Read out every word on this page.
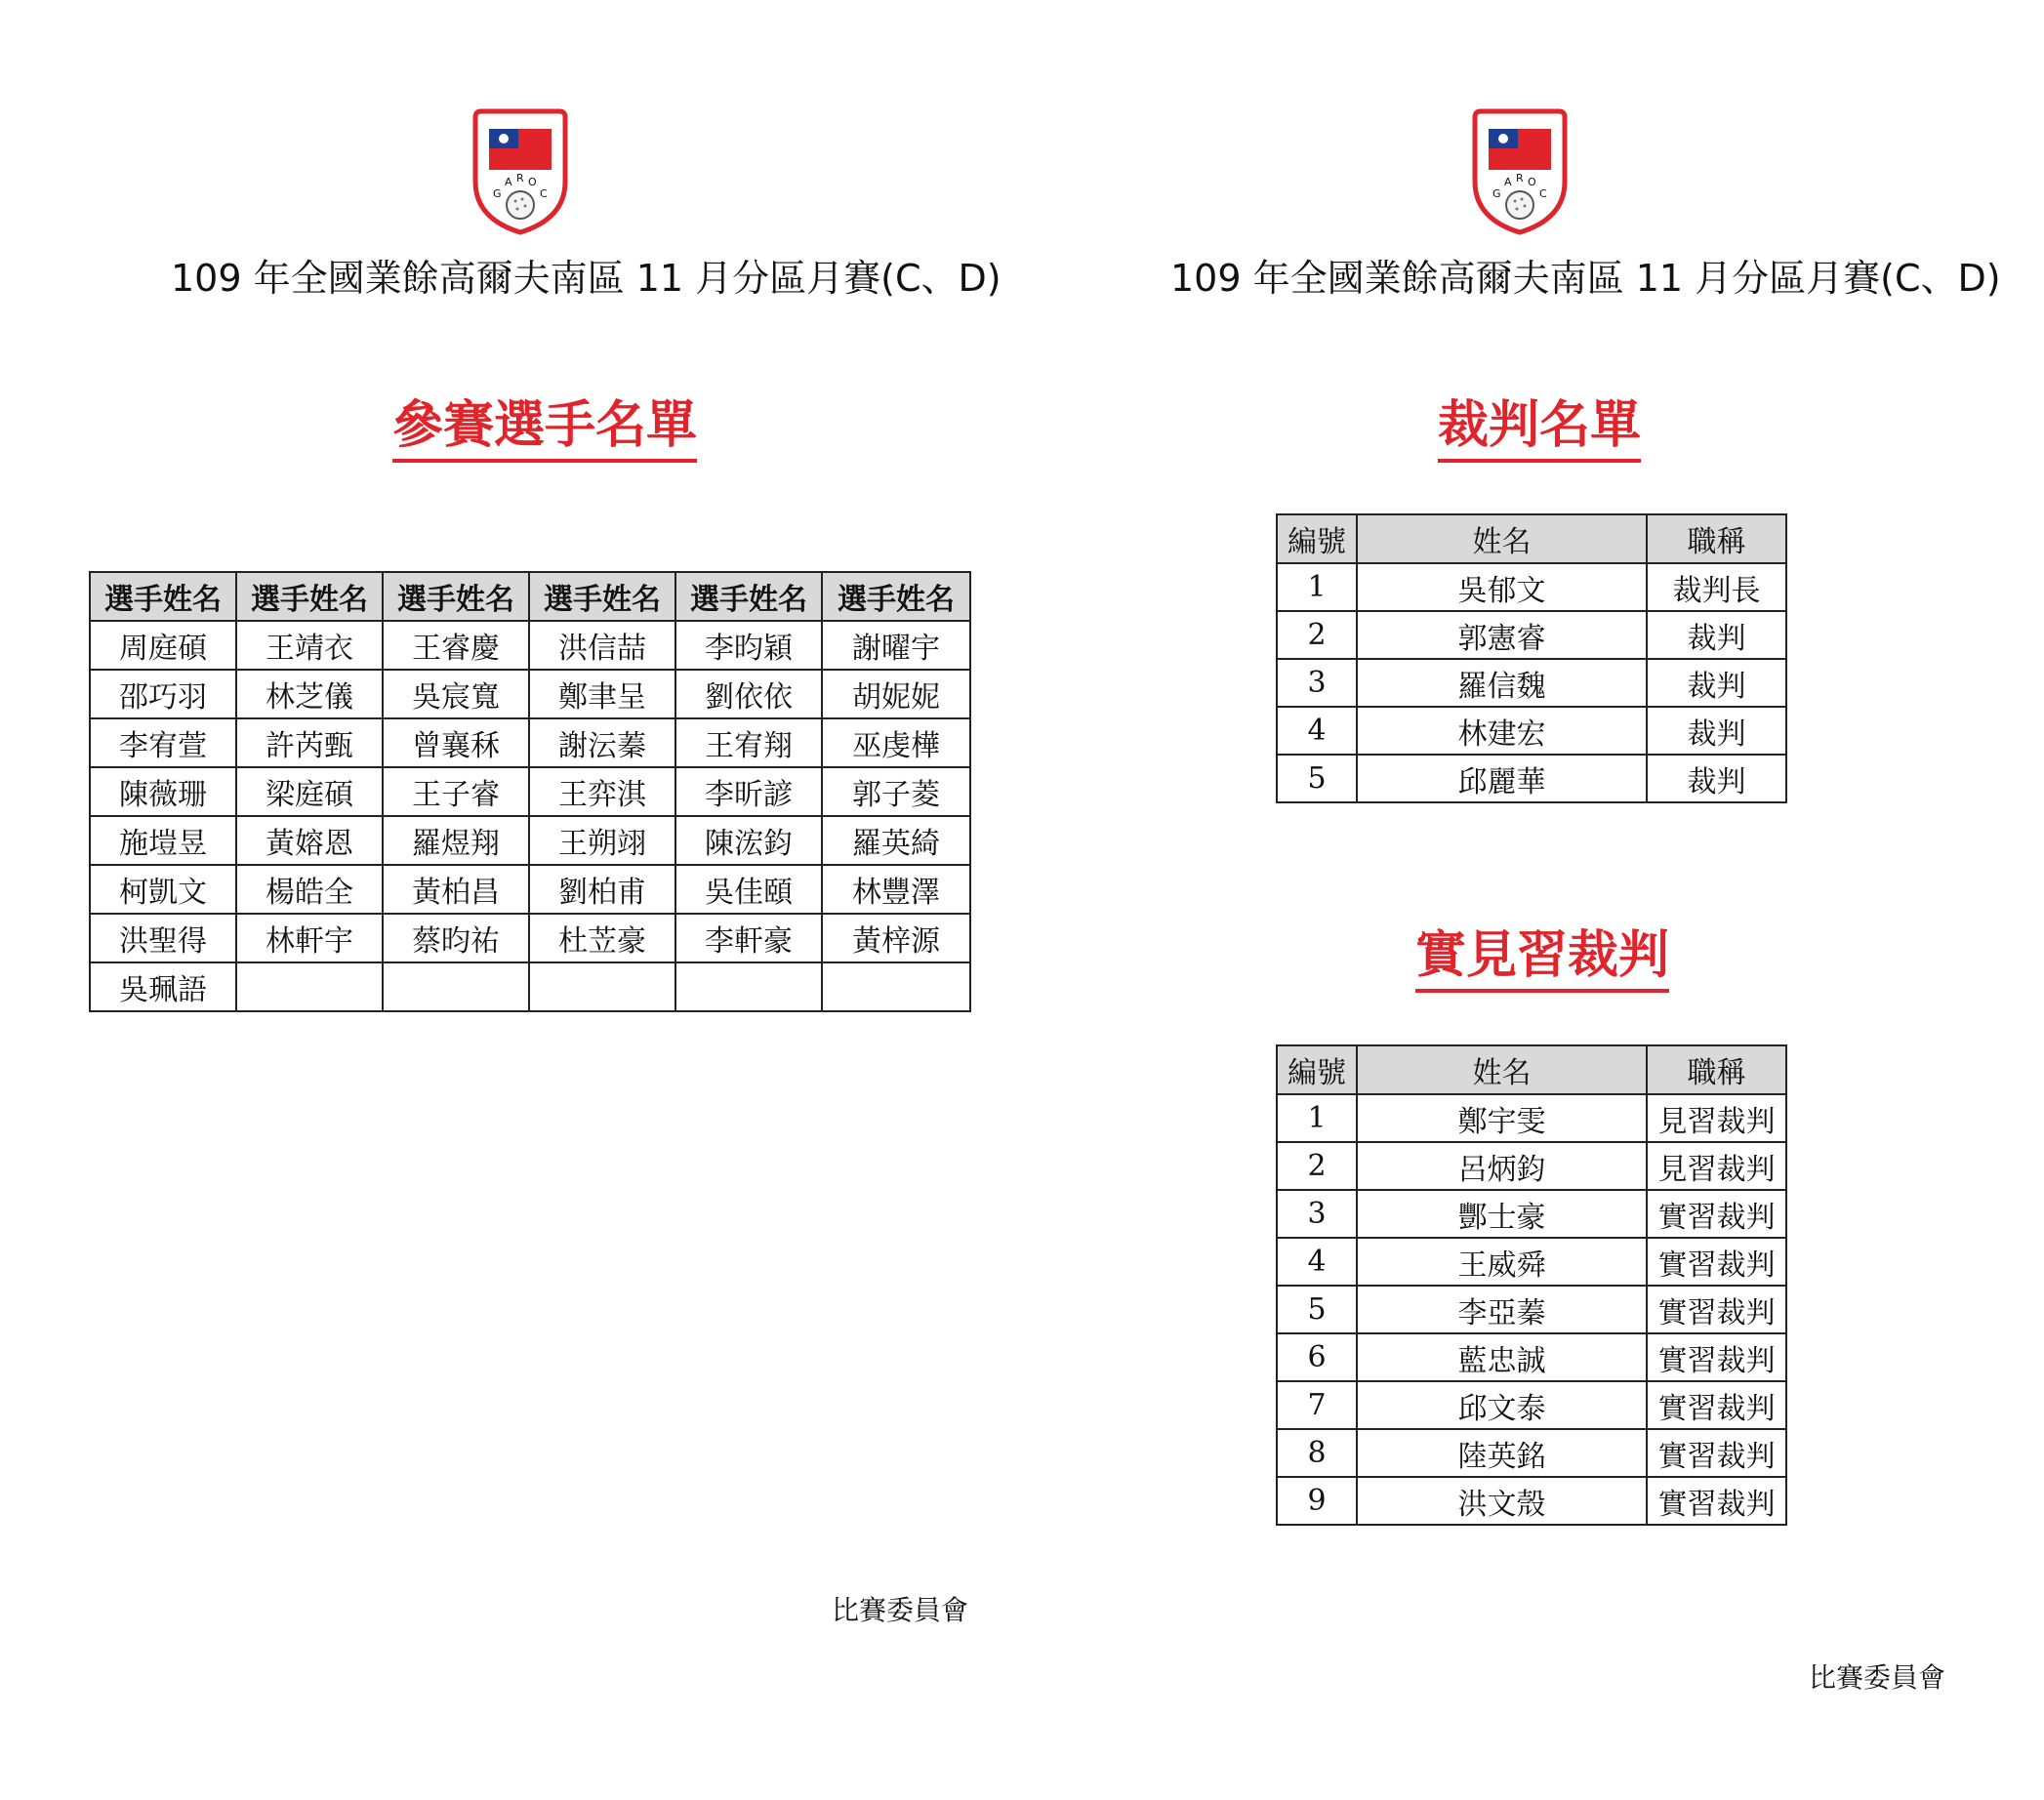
G
A R O
C	G
A R O
C
109 年全國業餘高爾夫南區 11 月分區月賽(C、D)	109 年全國業餘高爾夫南區 11 月分區月賽(C、D)
參賽選手名單	裁判名單
實見習裁判
選手姓名	選手姓名	選手姓名	選手姓名	選手姓名	選手姓名
周庭碩	王靖衣	王睿慶	洪信喆	李昀穎	謝曜宇
邵巧羽	林芝儀	吳宸寬	鄭聿呈	劉依依	胡妮妮
李宥萱	許芮甄	曾襄秝	謝沄蓁	王宥翔	巫虔樺
陳薇珊	梁庭碩	王子睿	王弈淇	李昕諺	郭子菱
施塏昱	黃嫆恩	羅煜翔	王朔翊	陳浤鈞	羅英綺
柯凱文	楊皓全	黃柏昌	劉柏甫	吳佳頤	林豐澤
洪聖得	林軒宇	蔡昀祐	杜苙豪	李軒豪	黃梓源
吳珮語					
編號	姓名	職稱
1	吳郁文	裁判長
2	郭憲睿	裁判
3	羅信魏	裁判
4	林建宏	裁判
5	邱麗華	裁判
編號	姓名	職稱
1	鄭宇雯	見習裁判
2	呂炳鈞	見習裁判
3	酆士豪	實習裁判
4	王威舜	實習裁判
5	李亞蓁	實習裁判
6	藍忠誠	實習裁判
7	邱文泰	實習裁判
8	陸英銘	實習裁判
9	洪文殼	實習裁判
比賽委員會
比賽委員會
